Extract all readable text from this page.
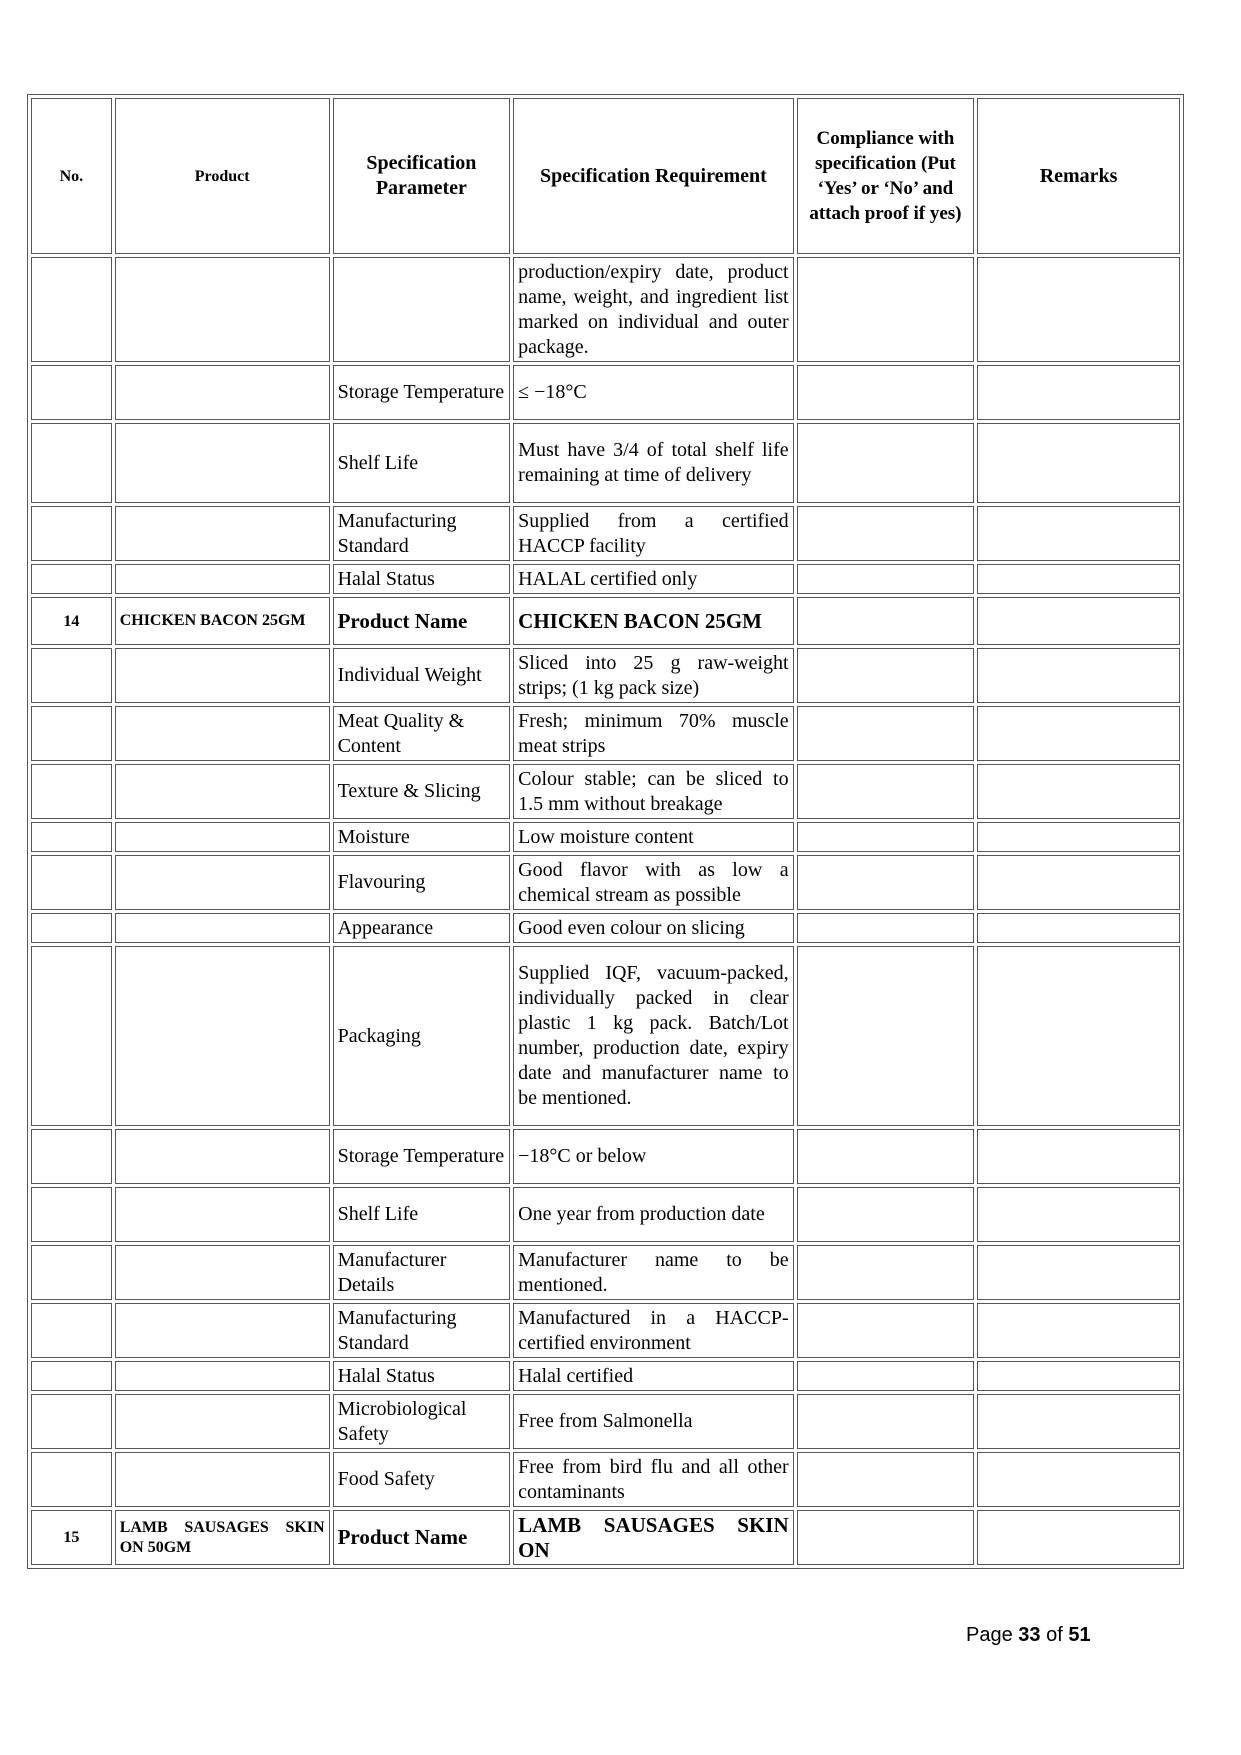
No.	Product	Specification Parameter	Specification Requirement	Compliance with specification (Put ‘Yes’ or ‘No’ and attach proof if yes)	Remarks
			production/expiry date, product name, weight, and ingredient list marked on individual and outer package.		
		Storage Temperature	≤ −18°C		
		Shelf Life	Must have 3/4 of total shelf life remaining at time of delivery		
		Manufacturing Standard	Supplied from a certified HACCP facility		
		Halal Status	HALAL certified only		
14	CHICKEN BACON 25GM	Product Name	CHICKEN BACON 25GM		
		Individual Weight	Sliced into 25 g raw-weight strips; (1 kg pack size)		
		Meat Quality & Content	Fresh; minimum 70% muscle meat strips		
		Texture & Slicing	Colour stable; can be sliced to 1.5 mm without breakage		
		Moisture	Low moisture content		
		Flavouring	Good flavor with as low a chemical stream as possible		
		Appearance	Good even colour on slicing		
		Packaging	Supplied IQF, vacuum-packed, individually packed in clear plastic 1 kg pack. Batch/Lot number, production date, expiry date and manufacturer name to be mentioned.		
		Storage Temperature	−18°C or below		
		Shelf Life	One year from production date		
		Manufacturer Details	Manufacturer name to be mentioned.		
		Manufacturing Standard	Manufactured in a HACCP-certified environment		
		Halal Status	Halal certified		
		Microbiological Safety	Free from Salmonella		
		Food Safety	Free from bird flu and all other contaminants		
15	LAMB SAUSAGES SKIN ON 50GM	Product Name	LAMB SAUSAGES SKIN ON		
Page 33 of 51
